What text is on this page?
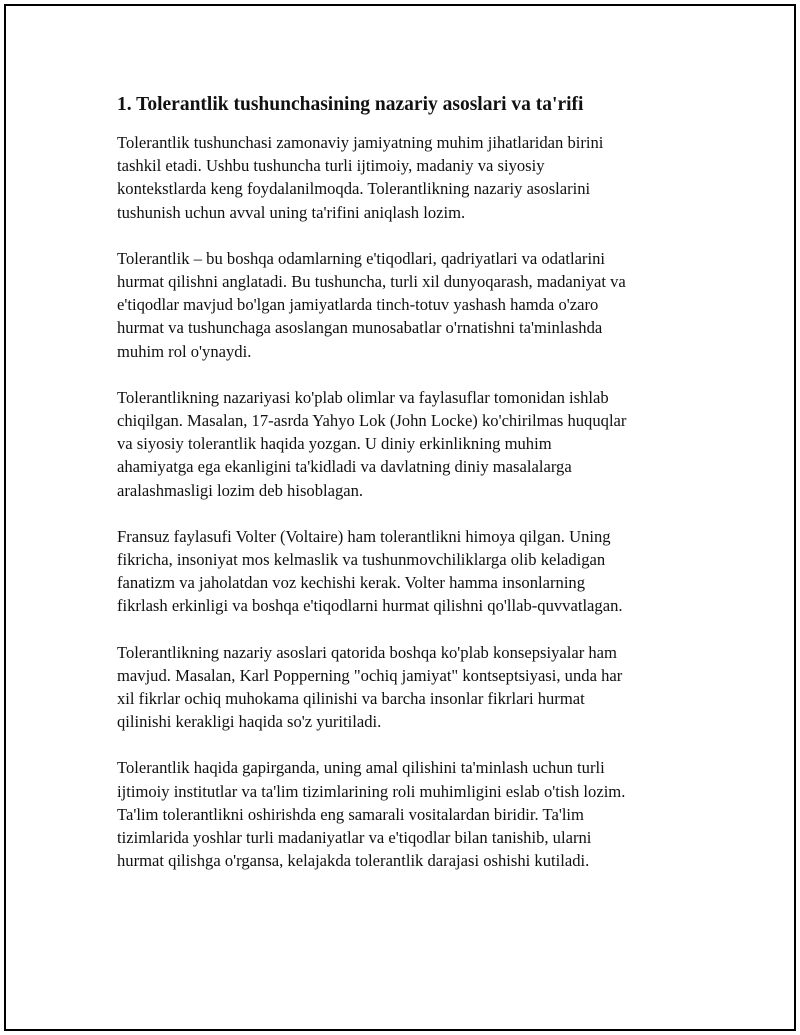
1. Tolerantlik tushunchasining nazariy asoslari va ta'rifi
Tolerantlik tushunchasi zamonaviy jamiyatning muhim jihatlaridan birini
tashkil etadi. Ushbu tushuncha turli ijtimoiy, madaniy va siyosiy
kontekstlarda keng foydalanilmoqda. Tolerantlikning nazariy asoslarini
tushunish uchun avval uning ta'rifini aniqlash lozim.
Tolerantlik – bu boshqa odamlarning e'tiqodlari, qadriyatlari va odatlarini
hurmat qilishni anglatadi. Bu tushuncha, turli xil dunyoqarash, madaniyat va
e'tiqodlar mavjud bo'lgan jamiyatlarda tinch-totuv yashash hamda o'zaro
hurmat va tushunchaga asoslangan munosabatlar o'rnatishni ta'minlashda
muhim rol o'ynaydi.
Tolerantlikning nazariyasi ko'plab olimlar va faylasuflar tomonidan ishlab
chiqilgan. Masalan, 17-asrda Yahyo Lok (John Locke) ko'chirilmas huquqlar
va siyosiy tolerantlik haqida yozgan. U diniy erkinlikning muhim
ahamiyatga ega ekanligini ta'kidladi va davlatning diniy masalalarga
aralashmasligi lozim deb hisoblagan.
Fransuz faylasufi Volter (Voltaire) ham tolerantlikni himoya qilgan. Uning
fikricha, insoniyat mos kelmaslik va tushunmovchiliklarga olib keladigan
fanatizm va jaholatdan voz kechishi kerak. Volter hamma insonlarning
fikrlash erkinligi va boshqa e'tiqodlarni hurmat qilishni qo'llab-quvvatlagan.
Tolerantlikning nazariy asoslari qatorida boshqa ko'plab konsepsiyalar ham
mavjud. Masalan, Karl Popperning "ochiq jamiyat" kontseptsiyasi, unda har
xil fikrlar ochiq muhokama qilinishi va barcha insonlar fikrlari hurmat
qilinishi kerakligi haqida so'z yuritiladi.
Tolerantlik haqida gapirganda, uning amal qilishini ta'minlash uchun turli
ijtimoiy institutlar va ta'lim tizimlarining roli muhimligini eslab o'tish lozim.
Ta'lim tolerantlikni oshirishda eng samarali vositalardan biridir. Ta'lim
tizimlarida yoshlar turli madaniyatlar va e'tiqodlar bilan tanishib, ularni
hurmat qilishga o'rgansa, kelajakda tolerantlik darajasi oshishi kutiladi.
